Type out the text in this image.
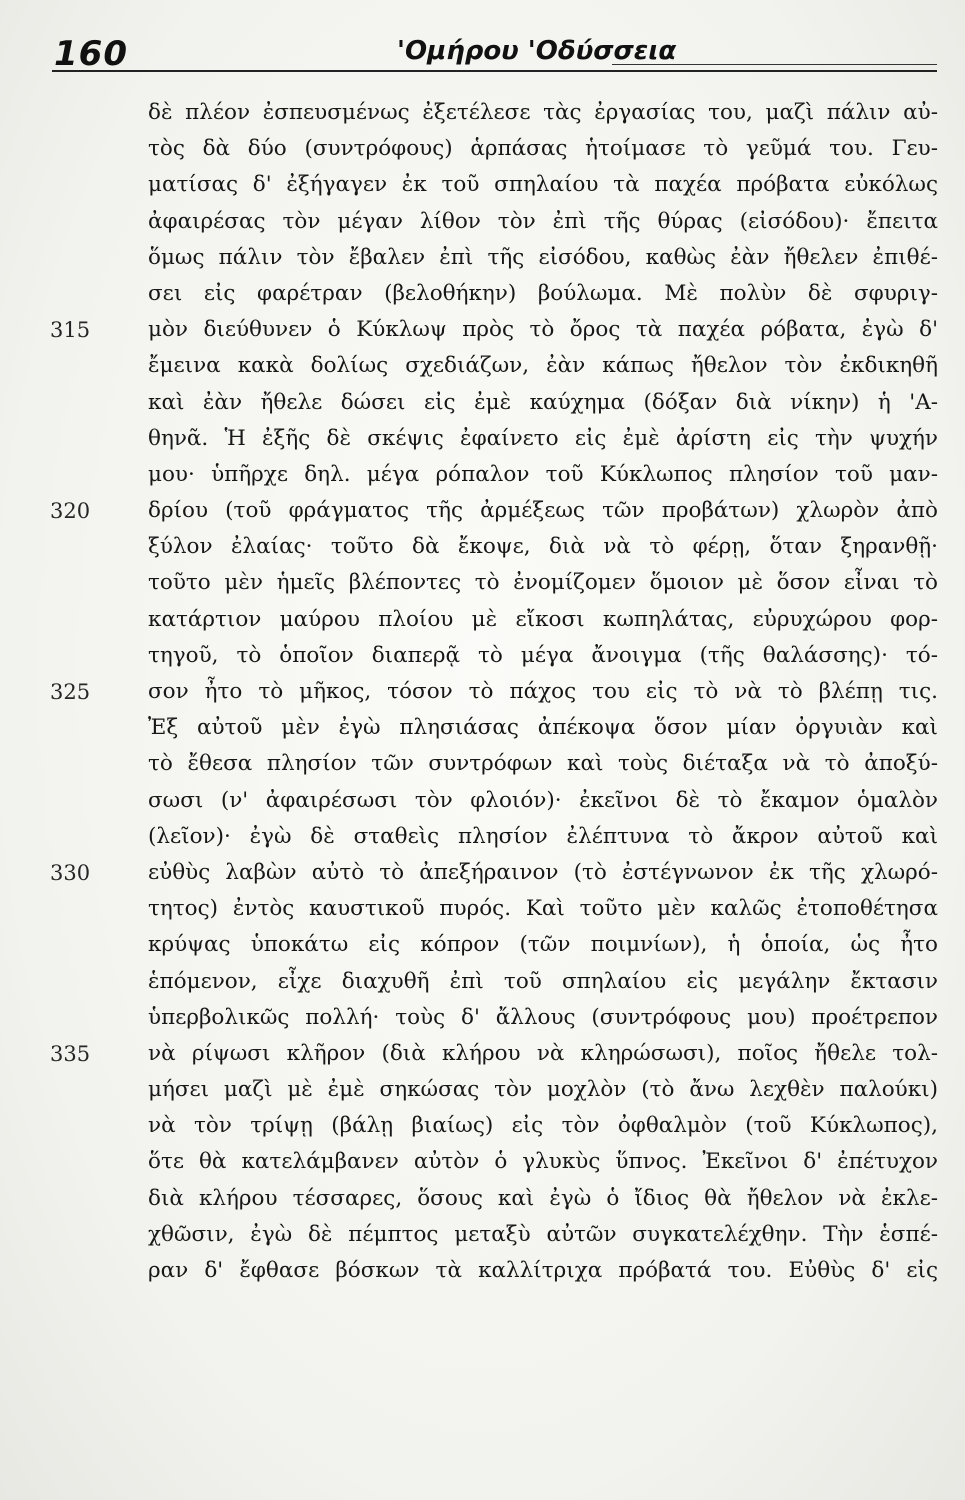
160	'Ομήρου 'Οδύσσεια
315
320
325
330
335
δὲ πλέον ἐσπευσμένως ἐξετέλεσε τὰς ἐργασίας του, μαζὶ πάλιν αὐ-
τὸς δὰ δύο (συντρόφους) ἁρπάσας ἡτοίμασε τὸ γεῦμά του. Γευ-
ματίσας δ' ἐξήγαγεν ἐκ τοῦ σπηλαίου τὰ παχέα πρόβατα εὐκόλως
ἀφαιρέσας τὸν μέγαν λίθον τὸν ἐπὶ τῆς θύρας (εἰσόδου)· ἔπειτα
ὅμως πάλιν τὸν ἔβαλεν ἐπὶ τῆς εἰσόδου, καθὼς ἐὰν ἤθελεν ἐπιθέ-
σει εἰς φαρέτραν (βελοθήκην) βούλωμα. Μὲ πολὺν δὲ σφυριγ-
μὸν διεύθυνεν ὁ Κύκλωψ πρὸς τὸ ὄρος τὰ παχέα ρόβατα, ἐγὼ δ'
ἔμεινα κακὰ δολίως σχεδιάζων, ἐὰν κάπως ἤθελον τὸν ἐκδικηθῆ
καὶ ἐὰν ἤθελε δώσει εἰς ἐμὲ καύχημα (δόξαν διὰ νίκην) ἡ 'Α-
θηνᾶ. Ἡ ἐξῆς δὲ σκέψις ἐφαίνετο εἰς ἐμὲ ἀρίστη εἰς τὴν ψυχήν
μου· ὑπῆρχε δηλ. μέγα ρόπαλον τοῦ Κύκλωπος πλησίον τοῦ μαν-
δρίου (τοῦ φράγματος τῆς ἀρμέξεως τῶν προβάτων) χλωρὸν ἀπὸ
ξύλον ἐλαίας· τοῦτο δὰ ἔκοψε, διὰ νὰ τὸ φέρῃ, ὅταν ξηρανθῇ·
τοῦτο μὲν ἡμεῖς βλέποντες τὸ ἐνομίζομεν ὅμοιον μὲ ὅσον εἶναι τὸ
κατάρτιον μαύρου πλοίου μὲ εἴκοσι κωπηλάτας, εὐρυχώρου φορ-
τηγοῦ, τὸ ὁποῖον διαπερᾷ τὸ μέγα ἄνοιγμα (τῆς θαλάσσης)· τό-
σον ἦτο τὸ μῆκος, τόσον τὸ πάχος του εἰς τὸ νὰ τὸ βλέπῃ τις.
Ἐξ αὐτοῦ μὲν ἐγὼ πλησιάσας ἀπέκοψα ὅσον μίαν ὀργυιὰν καὶ
τὸ ἔθεσα πλησίον τῶν συντρόφων καὶ τοὺς διέταξα νὰ τὸ ἀποξύ-
σωσι (ν' ἀφαιρέσωσι τὸν φλοιόν)· ἐκεῖνοι δὲ τὸ ἔκαμον ὁμαλὸν
(λεῖον)· ἐγὼ δὲ σταθεὶς πλησίον ἐλέπτυνα τὸ ἄκρον αὐτοῦ καὶ
εὐθὺς λαβὼν αὐτὸ τὸ ἀπεξήραινον (τὸ ἐστέγνωνον ἐκ τῆς χλωρό-
τητος) ἐντὸς καυστικοῦ πυρός. Καὶ τοῦτο μὲν καλῶς ἐτοποθέτησα
κρύψας ὑποκάτω εἰς κόπρον (τῶν ποιμνίων), ἡ ὁποία, ὡς ἦτο
ἑπόμενον, εἶχε διαχυθῆ ἐπὶ τοῦ σπηλαίου εἰς μεγάλην ἔκτασιν
ὑπερβολικῶς πολλή· τοὺς δ' ἄλλους (συντρόφους μου) προέτρεπον
νὰ ρίψωσι κλῆρον (διὰ κλήρου νὰ κληρώσωσι), ποῖος ἤθελε τολ-
μήσει μαζὶ μὲ ἐμὲ σηκώσας τὸν μοχλὸν (τὸ ἄνω λεχθὲν παλούκι)
νὰ τὸν τρίψῃ (βάλῃ βιαίως) εἰς τὸν ὀφθαλμὸν (τοῦ Κύκλωπος),
ὅτε θὰ κατελάμβανεν αὐτὸν ὁ γλυκὺς ὕπνος. Ἐκεῖνοι δ' ἐπέτυχον
διὰ κλήρου τέσσαρες, ὅσους καὶ ἐγὼ ὁ ἴδιος θὰ ἤθελον νὰ ἐκλε-
χθῶσιν, ἐγὼ δὲ πέμπτος μεταξὺ αὐτῶν συγκατελέχθην. Τὴν ἑσπέ-
ραν δ' ἔφθασε βόσκων τὰ καλλίτριχα πρόβατά του. Εὐθὺς δ' εἰς
